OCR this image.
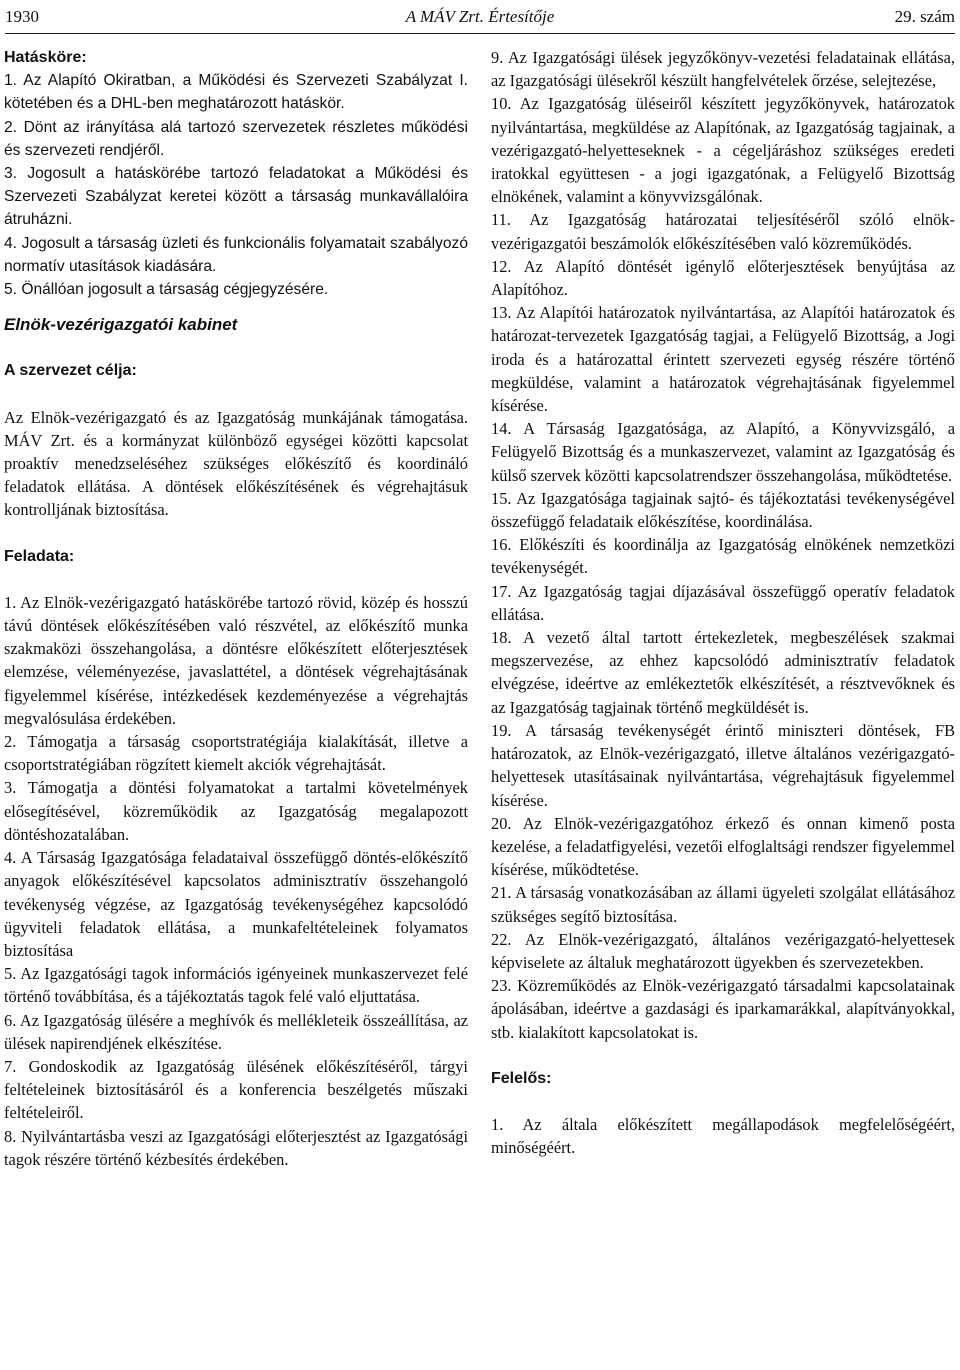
1930	A MÁV Zrt. Értesítője	29. szám

Hatásköre:

1. Az Alapító Okiratban, a Működési és Szervezeti Szabályzat I. kötetében és a DHL-ben meghatározott hatáskör.

2. Dönt az irányítása alá tartozó szervezetek részletes működési és szervezeti rendjéről.

3. Jogosult a hatáskörébe tartozó feladatokat a Működési és Szervezeti Szabályzat keretei között a társaság munkavállalóira átruházni.

4. Jogosult a társaság üzleti és funkcionális folyamatait szabályozó normatív utasítások kiadására.

5. Önállóan jogosult a társaság cégjegyzésére.

Elnök-vezérigazgatói kabinet

A szervezet célja:

Az Elnök-vezérigazgató és az Igazgatóság munkájának támogatása. MÁV Zrt. és a kormányzat különböző egységei közötti kapcsolat proaktív menedzseléséhez szükséges előkészítő és koordináló feladatok ellátása. A döntések előkészítésének és végrehajtásuk kontrolljának biztosítása.

Feladata:

1. Az Elnök-vezérigazgató hatáskörébe tartozó rövid, közép és hosszú távú döntések előkészítésében való részvétel, az előkészítő munka szakmaközi összehangolása, a döntésre előkészített előterjesztések elemzése, véleményezése, javaslattétel, a döntések végrehajtásának figyelemmel kísérése, intézkedések kezdeményezése a végrehajtás megvalósulása érdekében.

2. Támogatja a társaság csoportstratégiája kialakítását, illetve a csoportstratégiában rögzített kiemelt akciók végrehajtását.

3. Támogatja a döntési folyamatokat a tartalmi követelmények elősegítésével, közreműködik az Igazgatóság megalapozott döntéshozatalában.

4. A Társaság Igazgatósága feladataival összefüggő döntés-előkészítő anyagok előkészítésével kapcsolatos adminisztratív összehangoló tevékenység végzése, az Igazgatóság tevékenységéhez kapcsolódó ügyviteli feladatok ellátása, a munkafeltételeinek folyamatos biztosítása

5. Az Igazgatósági tagok információs igényeinek munkaszervezet felé történő továbbítása, és a tájékoztatás tagok felé való eljuttatása.

6. Az Igazgatóság ülésére a meghívók és mellékleteik összeállítása, az ülések napirendjének elkészítése.

7. Gondoskodik az Igazgatóság ülésének előkészítéséről, tárgyi feltételeinek biztosításáról és a konferencia beszélgetés műszaki feltételeiről.

8. Nyilvántartásba veszi az Igazgatósági előterjesztést az Igazgatósági tagok részére történő kézbesítés érdekében.

9. Az Igazgatósági ülések jegyzőkönyv-vezetési feladatainak ellátása, az Igazgatósági ülésekről készült hangfelvételek őrzése, selejtezése,

10. Az Igazgatóság üléseiről készített jegyzőkönyvek, határozatok nyilvántartása, megküldése az Alapítónak, az Igazgatóság tagjainak, a vezérigazgató-helyetteseknek - a cégeljáráshoz szükséges eredeti iratokkal együttesen - a jogi igazgatónak, a Felügyelő Bizottság elnökének, valamint a könyvvizsgálónak.

11. Az Igazgatóság határozatai teljesítéséről szóló elnök-vezérigazgatói beszámolók előkészítésében való közreműködés.

12. Az Alapító döntését igénylő előterjesztések benyújtása az Alapítóhoz.

13. Az Alapítói határozatok nyilvántartása, az Alapítói határozatok és határozat-tervezetek Igazgatóság tagjai, a Felügyelő Bizottság, a Jogi iroda és a határozattal érintett szervezeti egység részére történő megküldése, valamint a határozatok végrehajtásának figyelemmel kísérése.

14. A Társaság Igazgatósága, az Alapító, a Könyvvizsgáló, a Felügyelő Bizottság és a munkaszervezet, valamint az Igazgatóság és külső szervek közötti kapcsolatrendszer összehangolása, működtetése.

15. Az Igazgatósága tagjainak sajtó- és tájékoztatási tevékenységével összefüggő feladataik előkészítése, koordinálása.

16. Előkészíti és koordinálja az Igazgatóság elnökének nemzetközi tevékenységét.

17. Az Igazgatóság tagjai díjazásával összefüggő operatív feladatok ellátása.

18. A vezető által tartott értekezletek, megbeszélések szakmai megszervezése, az ehhez kapcsolódó adminisztratív feladatok elvégzése, ideértve az emlékeztetők elkészítését, a résztvevőknek és az Igazgatóság tagjainak történő megküldését is.

19. A társaság tevékenységét érintő miniszteri döntések, FB határozatok, az Elnök-vezérigazgató, illetve általános vezérigazgató-helyettesek utasításainak nyilvántartása, végrehajtásuk figyelemmel kísérése.

20. Az Elnök-vezérigazgatóhoz érkező és onnan kimenő posta kezelése, a feladatfigyelési, vezetői elfoglaltsági rendszer figyelemmel kísérése, működtetése.

21. A társaság vonatkozásában az állami ügyeleti szolgálat ellátásához szükséges segítő biztosítása.

22. Az Elnök-vezérigazgató, általános vezérigazgató-helyettesek képviselete az általuk meghatározott ügyekben és szervezetekben.

23. Közreműködés az Elnök-vezérigazgató társadalmi kapcsolatainak ápolásában, ideértve a gazdasági és iparkamarákkal, alapítványokkal, stb. kialakított kapcsolatokat is.

Felelős:

1. Az általa előkészített megállapodások megfelelőségéért, minőségéért.
